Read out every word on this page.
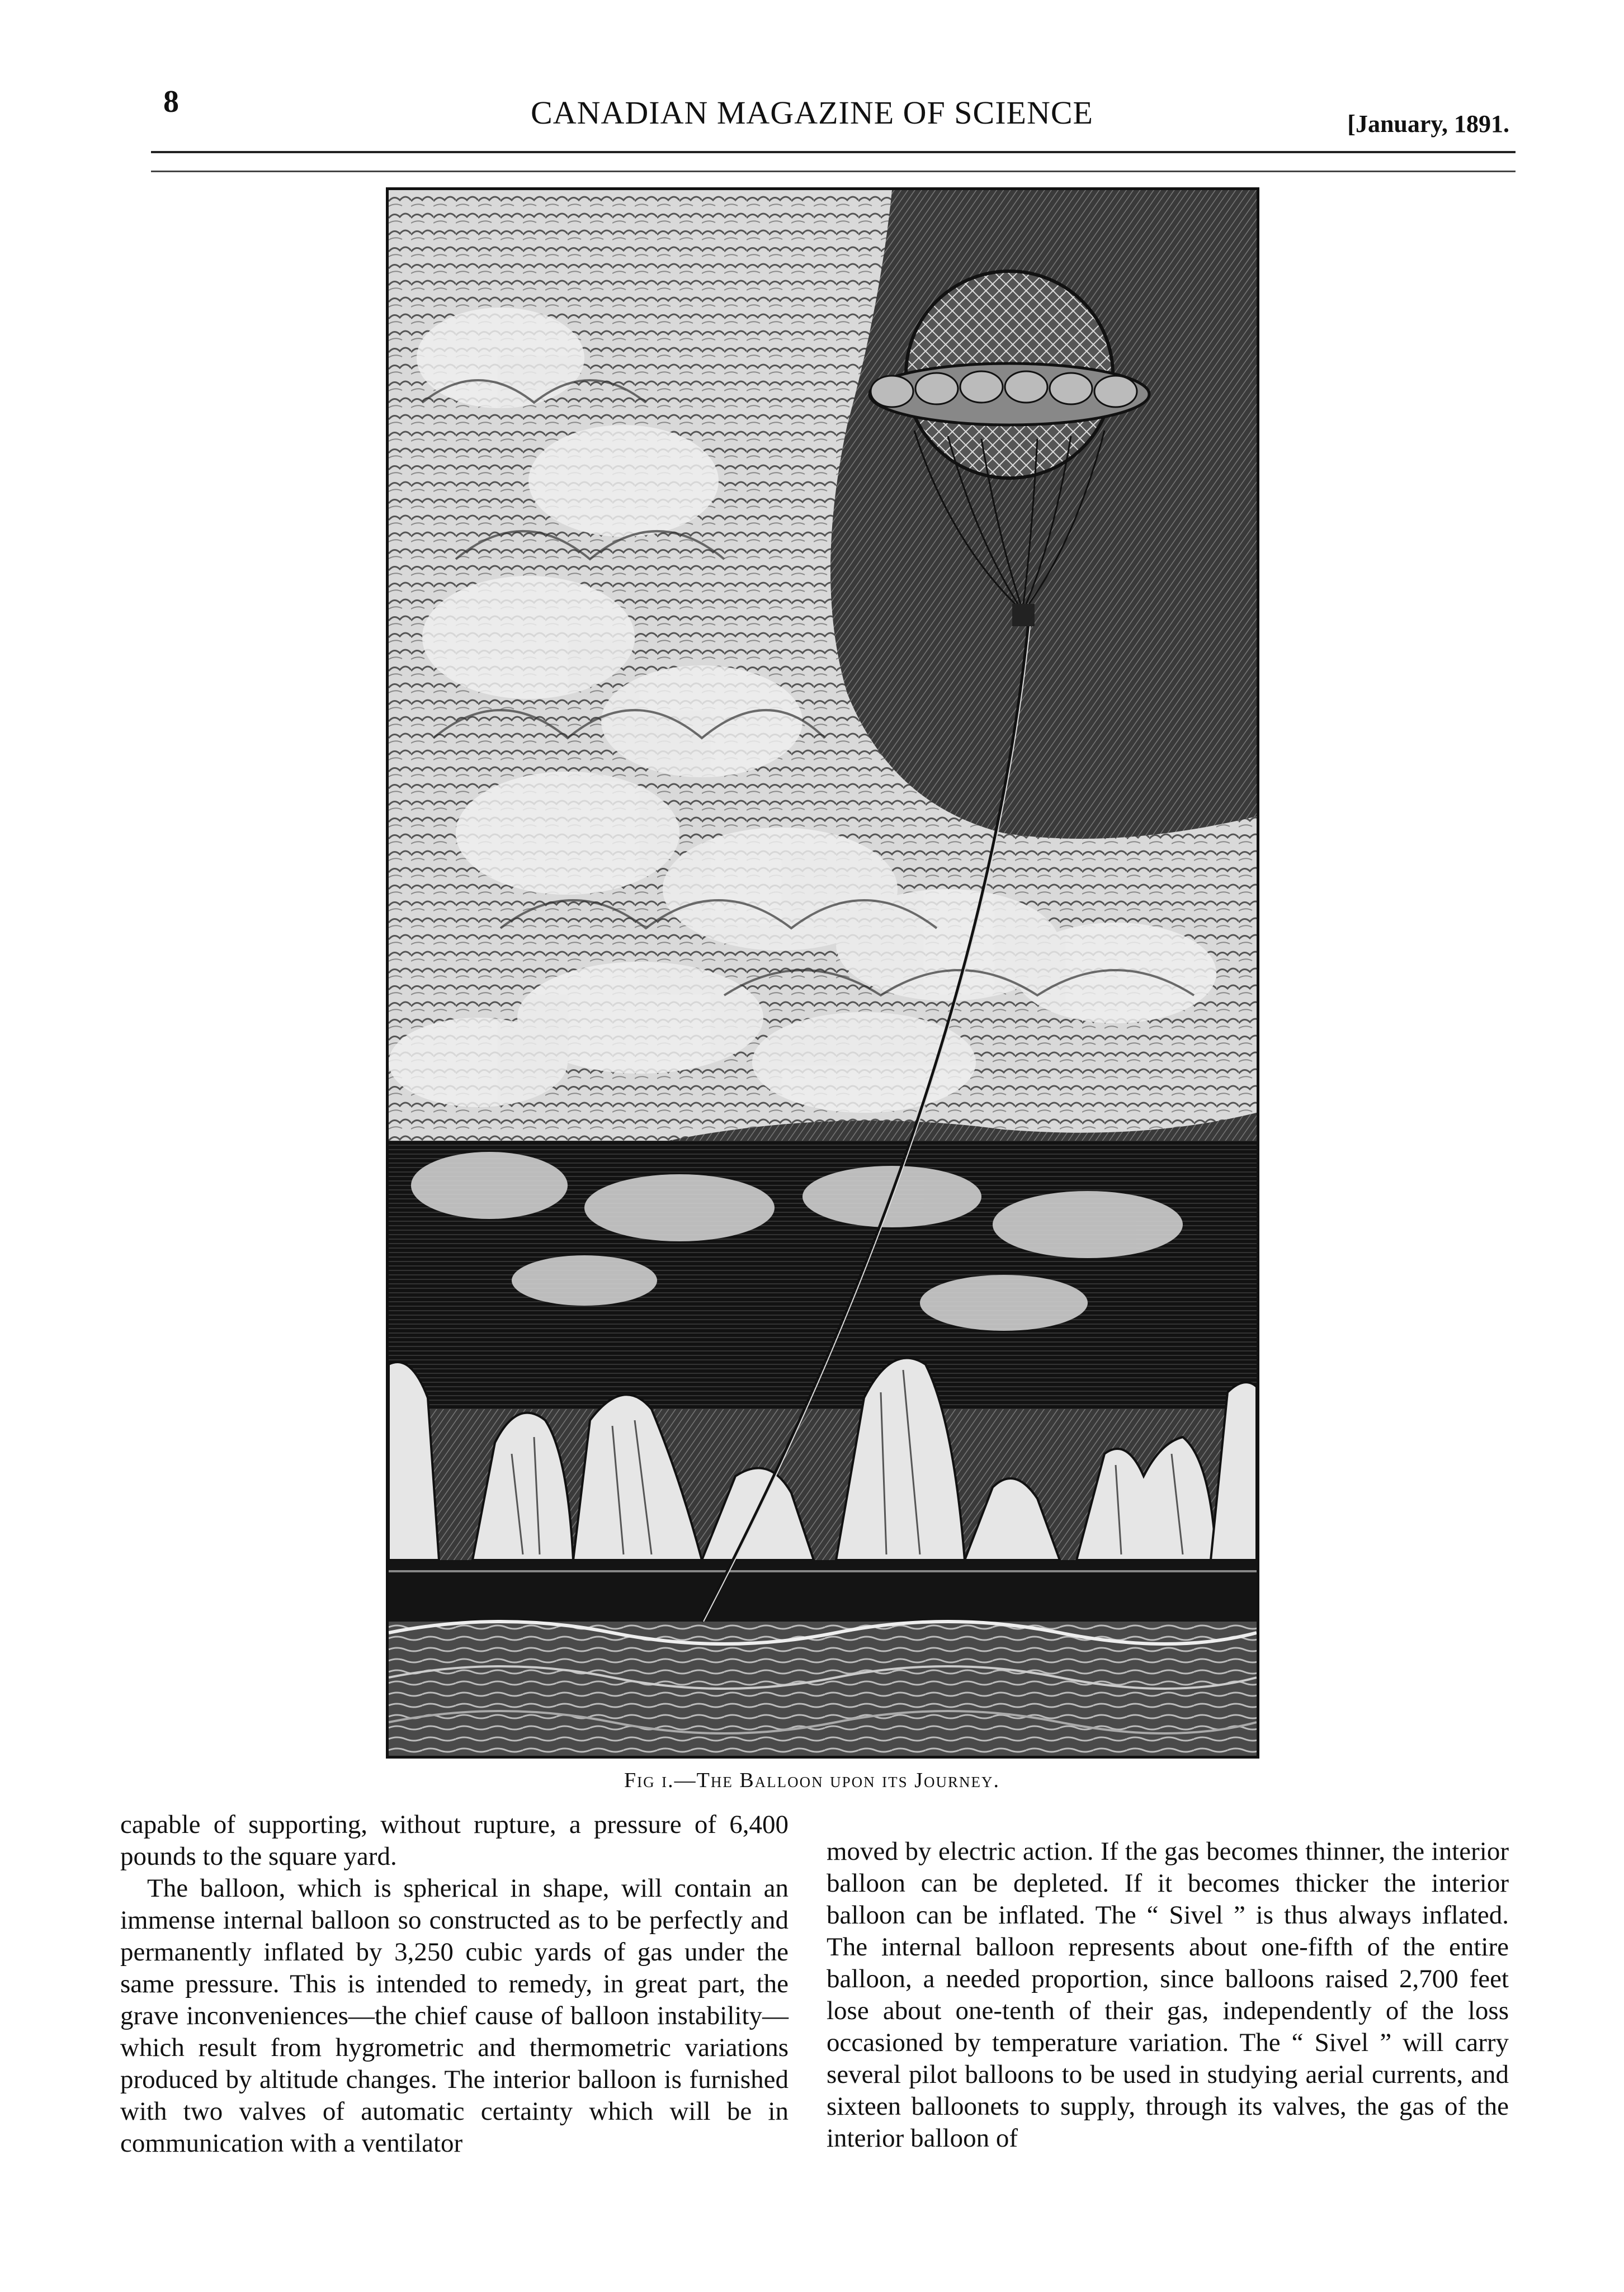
8	CANADIAN MAGAZINE OF SCIENCE	[January, 1891.
Fig i.—The Balloon upon its Journey.

capable of supporting, without rupture, a pressure of 6,400 pounds to the square yard.

The balloon, which is spherical in shape, will contain an immense internal balloon so constructed as to be perfectly and permanently inflated by 3,250 cubic yards of gas under the same pressure. This is intended to remedy, in great part, the grave inconveniences—the chief cause of balloon instability—which result from hygrometric and thermometric variations produced by altitude changes. The interior balloon is furnished with two valves of automatic certainty which will be in communication with a ventilator

moved by electric action. If the gas becomes thinner, the interior balloon can be depleted. If it becomes thicker the interior balloon can be inflated. The “ Sivel ” is thus always inflated. The internal balloon represents about one-fifth of the entire balloon, a needed proportion, since balloons raised 2,700 feet lose about one-tenth of their gas, independently of the loss occasioned by temperature variation. The “ Sivel ” will carry several pilot balloons to be used in studying aerial currents, and sixteen balloonets to supply, through its valves, the gas of the interior balloon of
